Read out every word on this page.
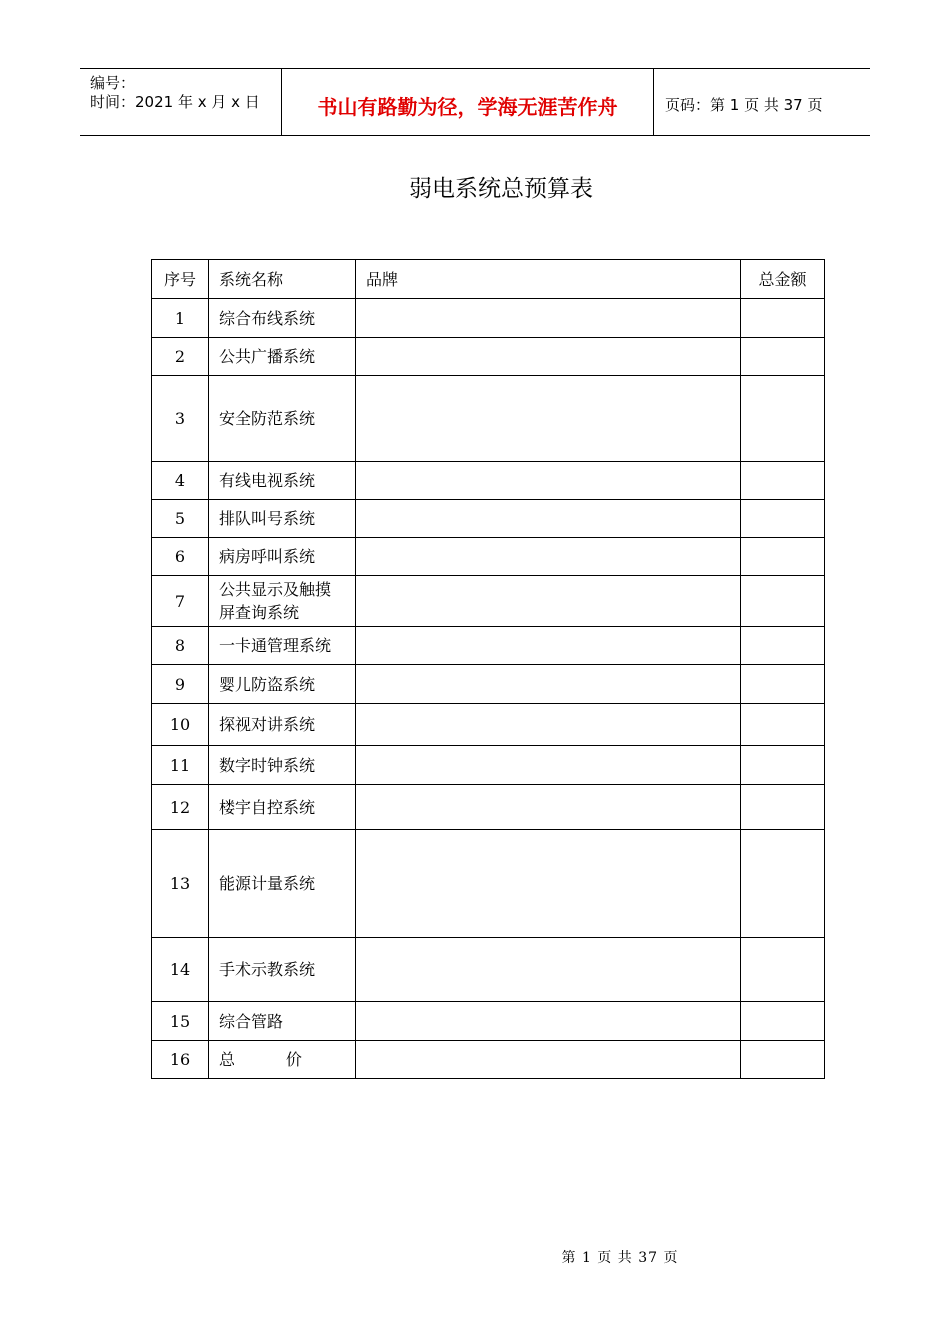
编号：
时间：2021 年 x 月 x 日	书山有路勤为径，学海无涯苦作舟	页码：第 1 页 共 37 页
弱电系统总预算表
序号	系统名称	品牌	总金额
1	综合布线系统		
2	公共广播系统		
3	安全防范系统		
4	有线电视系统		
5	排队叫号系统		
6	病房呼叫系统		
7	公共显示及触摸屏查询系统		
8	一卡通管理系统		
9	婴儿防盗系统		
10	探视对讲系统		
11	数字时钟系统		
12	楼宇自控系统		
13	能源计量系统		
14	手术示教系统		
15	综合管路		
16	总          价		
第 1 页 共 37 页
